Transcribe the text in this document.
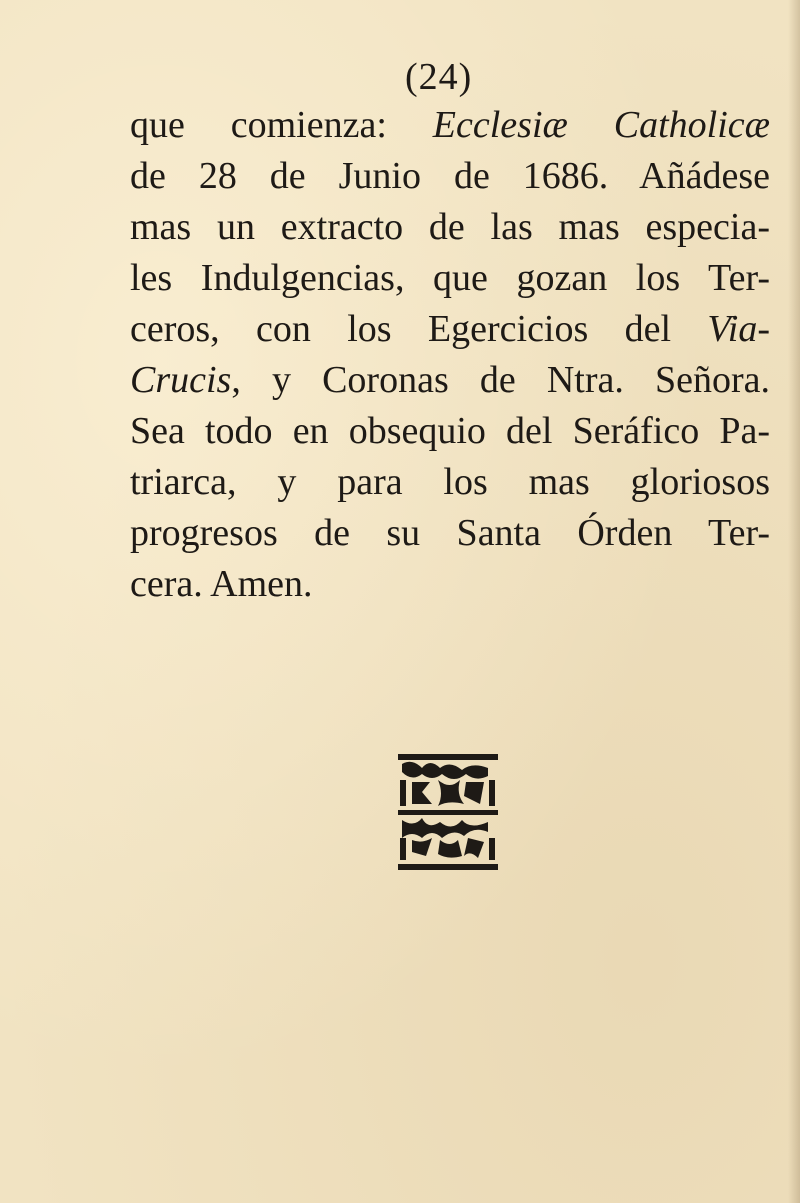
(24)
que comienza: Ecclesiæ Catholicæ
de 28 de Junio de 1686. Añádese
mas un extracto de las mas especia-
les Indulgencias, que gozan los Ter-
ceros, con los Egercicios del Via-
Crucis, y Coronas de Ntra. Señora.
Sea todo en obsequio del Seráfico Pa-
triarca, y para los mas gloriosos
progresos de su Santa Órden Ter-
cera. Amen.
